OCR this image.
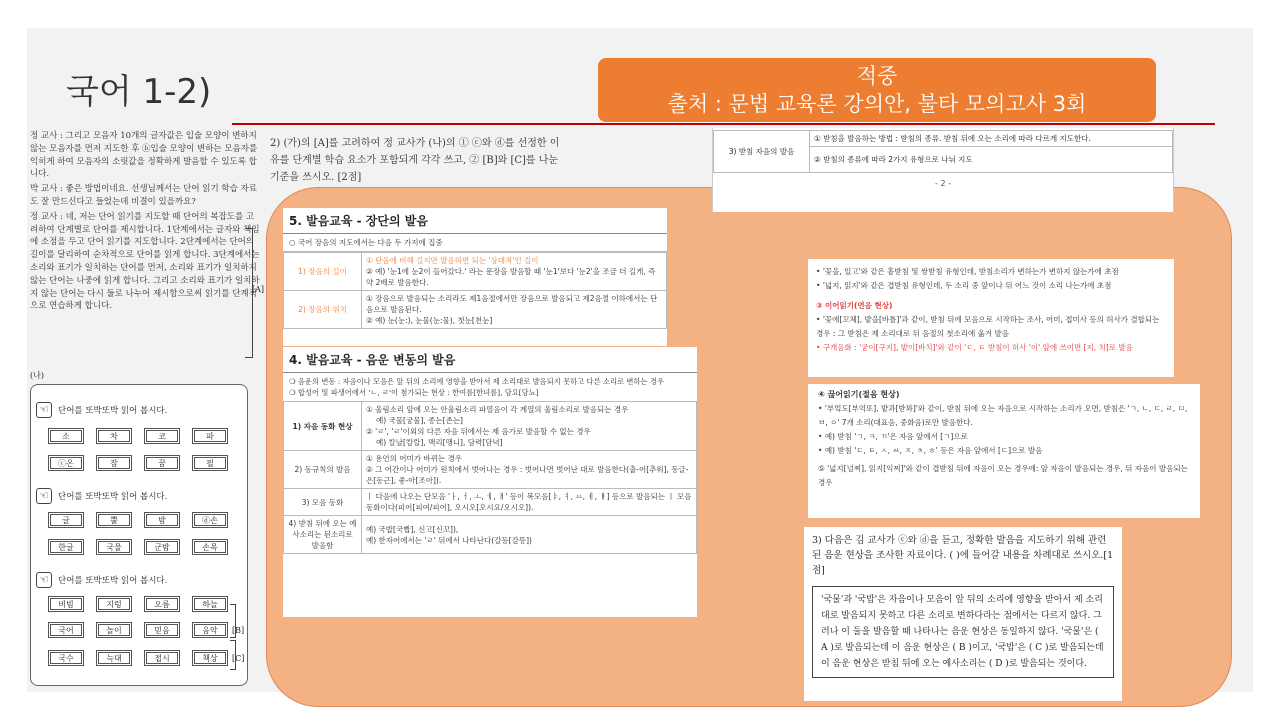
국어 1-2)	적중
출처 : 문법 교육론 강의안, 불타 모의고사 3회

정 교사 : 그리고 모음자 10개의 글자값은 입술 모양이 변하지 않는 모음자를 먼저 지도한 후 ⓑ입술 모양이 변하는 모음자를 익히게 하여 모음자의 소릿값을 정확하게 발음할 수 있도록 합니다.

박 교사 : 좋은 방법이네요. 선생님께서는 단어 읽기 학습 자료도 잘 만드신다고 들었는데 비결이 있을까요?

정 교사 : 네, 저는 단어 읽기를 지도할 때 단어의 복잡도를 고려하여 단계별로 단어를 제시합니다. 1단계에서는 글자와 책임에 소점을 두고 단어 읽기를 지도합니다. 2단계에서는 단어의 길이를 달리하여 순차적으로 단어를 읽게 합니다. 3단계에서는 소리와 표기가 일치하는 단어를 먼저, 소리와 표기가 일치하지 않는 단어는 나중에 읽게 합니다. 그리고 소리와 표기가 일치하지 않는 단어는 다시 둘로 나누어 제시함으로써 읽기를 단계적으로 연습하게 합니다.

[A]
2) (가)의 [A]를 고려하여 정 교사가 (나)의 ① ⓒ와 ⓓ를 선정한 이유를 단계별 학습 요소가 포함되게 각각 쓰고, ② [B]와 [C]를 나눈 기준을 쓰시오. [2점]
(나)
☜	단어를 또박또박 읽어 봅시다.
소	차	코	파
ⓒ온	잠	꿈	필
☜	단어를 또박또박 읽어 봅시다.
글	뿔	밤	ⓓ손
한글	국물	군밤	손목
☜	단어를 또박또박 읽어 봅시다.
비빔	지렁	오름	하늘
국어	놀이	믿음	음악
국수	늑대	접시	책상
[B]
[C]
3) 받침 자음의 발음	① 받침을 발음하는 방법 : 받침의 종류. 받침 뒤에 오는 소리에 따라 다르게 지도한다.
② 받침의 종류에 따라 2가지 유형으로 나눠 지도
- 2 -
5. 발음교육 - 장단의 발음
○ 국어 장음의 지도에서는 다음 두 가지에 집중
1) 장음의 길이	① 단음에 비해 길지만 발음하면 되는 '상대적'인 길이
② 예) '눈1에 눈2이 들어갔다.' 라는 문장을 발음할 때 '눈1'보다 '눈2'을 조금 더 길게, 즉 약 2배로 발음한다.

2) 장음의 위치	① 장음으로 발음되는 소리라도 제1음절에서만 장음으로 발음되고 제2음절 이하에서는 단음으로 발음된다.
② 예) 눈(눈:), 눈물(눈:물), 첫눈[천눈]
4. 발음교육 - 음운 변동의 발음
❍ 음운의 변동 : 자음이나 모음은 앞 뒤의 소리에 영향을 받아서 제 소리대로 발음되지 못하고 다른 소리로 변하는 경우
❍ 합성어 및 파생어에서 'ㄴ, ㄹ'이 첨가되는 현상 : 한여름[한녀름], 담요[담뇨]
1) 자음 동화 현상	① 울림소리 앞에 오는 안울림소리 파열음이 각 계열의 울림소리로 발음되는 경우
예) 국물[궁물], 종는[존는]
② 'ㄹ', 'ㄹ'이외의 다른 자음 뒤에서는 제 음가로 발음할 수 없는 경우
예) 칼날[칼랄], 맥리[맹니], 담력[담녁]

2) 동규칙의 발음	① 용언의 어미가 바뀌는 경우
② 그 어간이나 어미가 원칙에서 벗어나는 경우 : 벗어나면 벗어난 대로 발음한다(춥-어[추워], 동글-은[동근], 좋-아[조아]).

3) 모음 동화	ㅣ 다음에 나오는 단모음 'ㅏ, ㅓ, ㅗ, ㅔ, ㅐ' 등이 복모음[ㅑ, ㅕ, ㅛ, ㅖ, ㅒ] 등으로 발음되는 ㅣ 모음 동화이다(피어[피여/피어], 오시오[오시요/오시오]).
4) 받침 뒤에 오는 예사소리는 된소리로 발음함	예) 국밥[국빱], 신고[신꼬]),
예) 한자어에서는 'ㄹ' 뒤에서 나타난다(갈등[갈뜽])
• '꽃을, 있고'와 같은 홑받침 및 쌍받침 유형인데, 받침소리가 변하는가 변하지 않는가에 초점
• '넓지, 읽지'와 같은 겹받침 유형인데, 두 소리 중 앞이나 뒤 어느 것이 소리 나는가에 초점
③ 이어읽기(연음 현상)
• '꽃에[꼬체], 밭을[바틀]'과 같이, 받침 뒤에 모음으로 시작하는 조사, 어미, 접미사 등의 허사가 결합되는 경우 : 그 받침은 제 소리대로 뒤 음절의 첫소리에 옮겨 발음
• 구개음화 : '굳이[구지], 밭이[바치]'와 같이 'ㄷ, ㅌ 받침이 허사 '이' 앞에 쓰이면 [지, 치]로 발음
④ 끊어읽기(절음 현상)
• '부엌도[부억또], 밭과[받꽈]'와 같이, 받침 뒤에 오는 자음으로 시작하는 소리가 오면, 받침은 'ㄱ, ㄴ, ㄷ, ㄹ, ㅁ, ㅂ, ㅇ' 7개 소리(대표음, 중화음)로만 발음한다.
• 예) 받침 'ㄱ, ㅋ, ㄲ'은 자음 앞에서 [ㄱ]으로
• 예) 받침 'ㄷ, ㅌ, ㅅ, ㅆ, ㅈ, ㅊ, ㅎ' 등은 자음 앞에서 [ㄷ]으로 발음
⑤ '넓지[널찌], 읽지[익찌]'와 같이 겹받침 뒤에 자음이 오는 경우에: 앞 자음이 발음되는 경우, 뒤 자음이 발음되는 경우
3) 다음은 김 교사가 ⓒ와 ⓓ을 듣고, 정확한 발음을 지도하기 위해 관련된 음운 현상을 조사한 자료이다. ( )에 들어갈 내용을 차례대로 쓰시오.[1점]
'국물'과 '국밥'은 자음이나 모음이 앞 뒤의 소리에 영향을 받아서 제 소리대로 발음되지 못하고 다른 소리로 변하다라는 점에서는 다르지 않다. 그러나 이 둘을 발음할 때 나타나는 음운 현상은 동일하지 않다. '국물'은 ( A )로 발음되는데 이 음운 현상은 ( B )이고, '국밥'은 ( C )로 발음되는데 이 음운 현상은 받침 뒤에 오는 예사소리는 ( D )로 발음되는 것이다.
